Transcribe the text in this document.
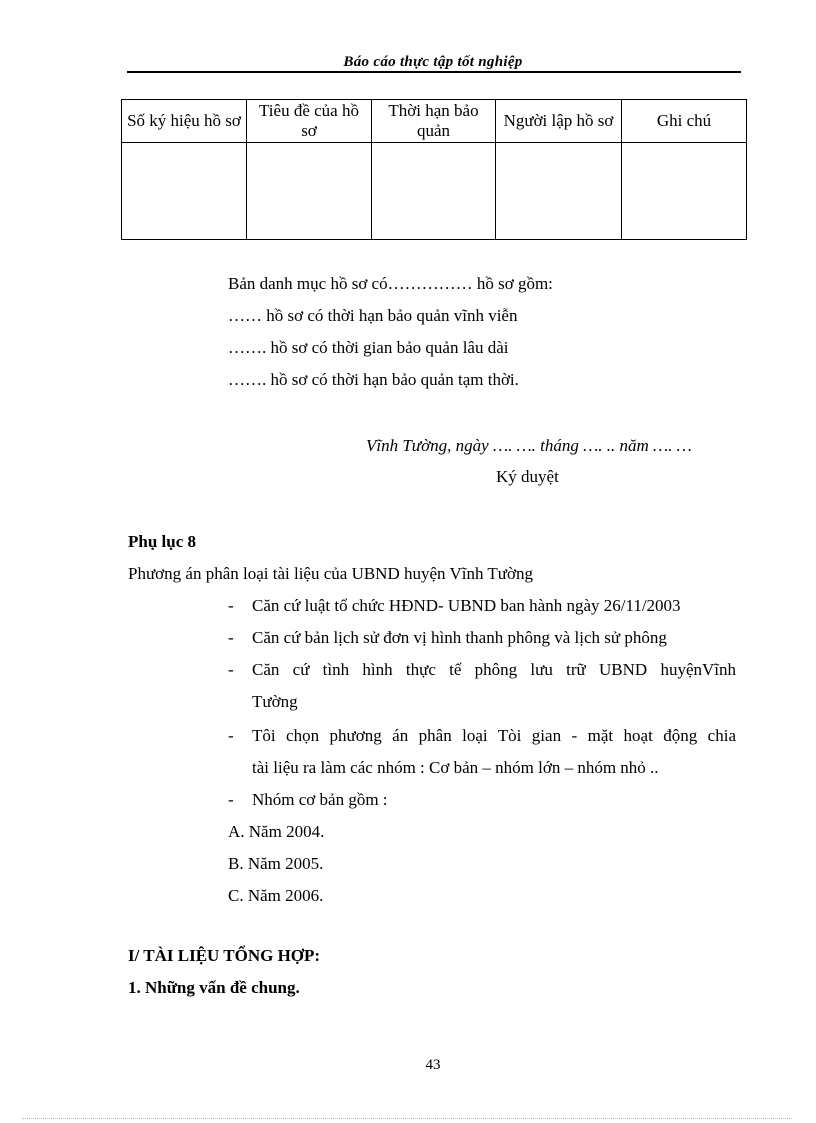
Báo cáo thực tập tốt nghiệp
Số ký hiệu hồ sơ	Tiêu đề của hồ sơ	Thời hạn bảo quản	Người lập hồ sơ	Ghi chú

Bản danh mục hồ sơ có…………… hồ sơ gồm:
…… hồ sơ có thời hạn bảo quản vĩnh viễn
……. hồ sơ có thời gian bảo quản lâu dài
……. hồ sơ có thời hạn bảo quản tạm thời.
Vĩnh Tường, ngày …. …. tháng …. .. năm …. …
Ký duyệt
Phụ lục 8
Phương án phân loại tài liệu của UBND huyện Vĩnh Tường
- Căn cứ luật tổ chức HĐND- UBND ban hành ngày 26/11/2003
- Căn cứ bản lịch sử đơn vị hình thanh phông và lịch sử phông
- Căn cứ tình hình thực tế phông lưu trữ UBND huyệnVĩnh
Tường
- Tôi chọn phương án phân loại Tòi gian - mặt hoạt động chia
tài liệu ra làm các nhóm : Cơ bản – nhóm lớn – nhóm nhỏ ..
- Nhóm cơ bản gồm :
A. Năm 2004.
B. Năm 2005.
C. Năm 2006.
I/ TÀI LIỆU TỔNG HỢP:
1. Những vấn đề chung.
43
